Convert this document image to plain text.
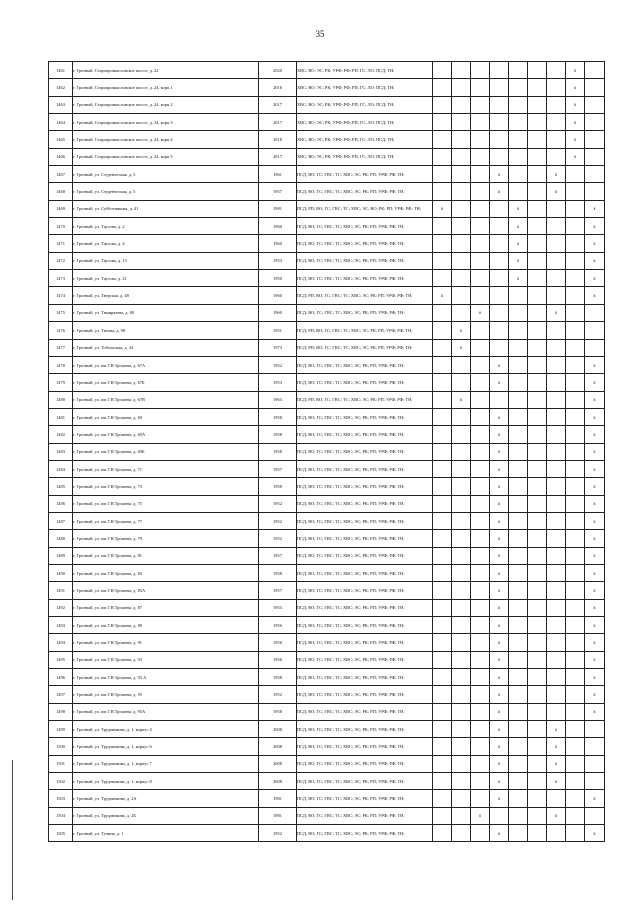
35
1461	г. Грозный, Старопромысловское шоссе, д. 22	2020	ХВС; ВО; ЭС; РК; УРФ; РФ; РП; ГС; ЛО; ПСД; ТН;								x	
1462	г. Грозный, Старопромысловское шоссе, д. 24, корп.1	2016	ХВС; ВО; ЭС; РК; УРФ; РФ; РП; ГС; ЛО; ПСД; ТН;								x	
1463	г. Грозный, Старопромысловское шоссе, д. 24, корп.2	2017	ХВС; ВО; ЭС; РК; УРФ; РФ; РП; ГС; ЛО; ПСД; ТН;								x	
1464	г. Грозный, Старопромысловское шоссе, д. 24, корп.3	2017	ХВС; ВО; ЭС; РК; УРФ; РФ; РП; ГС; ЛО; ПСД; ТН;								x	
1465	г. Грозный, Старопромысловское шоссе, д. 24, корп.4	2018	ХВС; ВО; ЭС; РК; УРФ; РФ; РП; ГС; ЛО; ПСД; ТН;								x	
1466	г. Грозный, Старопромысловское шоссе, д. 24, корп.5	2017	ХВС; ВО; ЭС; РК; УРФ; РФ; РП; ГС; ЛО; ПСД; ТН;								x	
1467	г. Грозный, ул. Студенческая, д. 3	1961	ПСД; ВО; ГС; ГВС; ТС; ХВС; ЭС; РК; РП; УРФ; РФ; ТН;				x			x		
1468	г. Грозный, ул. Студенческая, д. 5	1957	ПСД; ВО; ГС; ГВС; ТС; ХВС; ЭС; РК; РП; УРФ; РФ; ТН;				x			x		
1469	г. Грозный, ул. Субботникова, д. 41	1981	ПСД; РП; ВО; ГС; ГВС; ТС; ХВС; ЭС; ВО; РК; РП; УРФ; РФ; ТН;	x				x				x
1470	г. Грозный, ул. Таусова, д. 2	1960	ПСД; ВО; ГС; ГВС; ТС; ХВС; ЭС; РК; РП; УРФ; РФ; ТН;					x				x
1471	г. Грозный, ул. Таусова, д. 4	1960	ПСД; ВО; ГС; ГВС; ТС; ХВС; ЭС; РК; РП; УРФ; РФ; ТН;					x				x
1472	г. Грозный, ул. Таусова, д. 13	1953	ПСД; ВО; ГС; ГВС; ТС; ХВС; ЭС; РК; РП; УРФ; РФ; ТН;					x				x
1473	г. Грозный, ул. Таусова, д. 21	1950	ПСД; ВО; ГС; ГВС; ТС; ХВС; ЭС; РК; РП; УРФ; РФ; ТН;					x				x
1474	г. Грозный, ул. Тверская, д. 48	1960	ПСД; РП; ВО; ГС; ГВС; ТС; ХВС; ЭС; РК; РП; УРФ; РФ; ТН;	x								x
1475	г. Грозный, ул. Тимирязева, д. 80	1960	ПСД; ВО; ГС; ГВС; ТС; ХВС; ЭС; РК; РП; УРФ; РФ; ТН;			x				x		
1476	г. Грозный, ул. Титова, д. 98	1951	ПСД; РП; ВО; ГС; ГВС; ТС; ХВС; ЭС; РК; РП; УРФ; РФ; ТН;		x							
1477	г. Грозный, ул. Тобольская, д. 34	1973	ПСД; РП; ВО; ГС; ГВС; ТС; ХВС; ЭС; РК; РП; УРФ; РФ; ТН;		x							
1478	г. Грозный, ул. им Г.Н.Трошева, д. 67А	1952	ПСД; ВО; ГС; ГВС; ТС; ХВС; ЭС; РК; РП; УРФ; РФ; ТН;				x					x
1479	г. Грозный, ул. им Г.Н.Трошева, д. 67Б	1953	ПСД; ВО; ГС; ГВС; ТС; ХВС; ЭС; РК; РП; УРФ; РФ; ТН;				x					x
1480	г. Грозный, ул. им Г.Н.Трошева, д. 67В	1963	ПСД; РП; ВО; ГС; ГВС; ТС; ХВС; ЭС; РК; РП; УРФ; РФ; ТН;		x							x
1481	г. Грозный, ул. им Г.Н.Трошева, д. 69	1958	ПСД; ВО; ГС; ГВС; ТС; ХВС; ЭС; РК; РП; УРФ; РФ; ТН;				x					x
1482	г. Грозный, ул. им Г.Н.Трошева, д. 69А	1958	ПСД; ВО; ГС; ГВС; ТС; ХВС; ЭС; РК; РП; УРФ; РФ; ТН;				x					x
1483	г. Грозный, ул. им Г.Н.Трошева, д. 69Б	1958	ПСД; ВО; ГС; ГВС; ТС; ХВС; ЭС; РК; РП; УРФ; РФ; ТН;				x					x
1484	г. Грозный, ул. им Г.Н.Трошева, д. 71	1957	ПСД; ВО; ГС; ГВС; ТС; ХВС; ЭС; РК; РП; УРФ; РФ; ТН;				x					x
1485	г. Грозный, ул. им Г.Н.Трошева, д. 73	1958	ПСД; ВО; ГС; ГВС; ТС; ХВС; ЭС; РК; РП; УРФ; РФ; ТН;				x					x
1486	г. Грозный, ул. им Г.Н.Трошева, д. 75	1952	ПСД; ВО; ГС; ГВС; ТС; ХВС; ЭС; РК; РП; УРФ; РФ; ТН;				x					x
1487	г. Грозный, ул. им Г.Н.Трошева, д. 77	1952	ПСД; ВО; ГС; ГВС; ТС; ХВС; ЭС; РК; РП; УРФ; РФ; ТН;				x					x
1488	г. Грозный, ул. им Г.Н.Трошева, д. 79	1952	ПСД; ВО; ГС; ГВС; ТС; ХВС; ЭС; РК; РП; УРФ; РФ; ТН;				x					x
1489	г. Грозный, ул. им Г.Н.Трошева, д. 81	1957	ПСД; ВО; ГС; ГВС; ТС; ХВС; ЭС; РК; РП; УРФ; РФ; ТН;				x					x
1490	г. Грозный, ул. им Г.Н.Трошева, д. 83	1958	ПСД; ВО; ГС; ГВС; ТС; ХВС; ЭС; РК; РП; УРФ; РФ; ТН;				x					x
1491	г. Грозный, ул. им Г.Н.Трошева, д. 85А	1957	ПСД; ВО; ГС; ГВС; ТС; ХВС; ЭС; РК; РП; УРФ; РФ; ТН;				x					x
1492	г. Грозный, ул. им Г.Н.Трошева, д. 87	1953	ПСД; ВО; ГС; ГВС; ТС; ХВС; ЭС; РК; РП; УРФ; РФ; ТН;				x					x
1493	г. Грозный, ул. им Г.Н.Трошева, д. 89	1956	ПСД; ВО; ГС; ГВС; ТС; ХВС; ЭС; РК; РП; УРФ; РФ; ТН;				x					x
1494	г. Грозный, ул. им Г.Н.Трошева, д. 91	1956	ПСД; ВО; ГС; ГВС; ТС; ХВС; ЭС; РК; РП; УРФ; РФ; ТН;				x					x
1495	г. Грозный, ул. им Г.Н.Трошева, д. 93	1956	ПСД; ВО; ГС; ГВС; ТС; ХВС; ЭС; РК; РП; УРФ; РФ; ТН;				x					x
1496	г. Грозный, ул. им Г.Н.Трошева, д. 93 А	1958	ПСД; ВО; ГС; ГВС; ТС; ХВС; ЭС; РК; РП; УРФ; РФ; ТН;				x					x
1497	г. Грозный, ул. им Г.Н.Трошева, д. 95	1952	ПСД; ВО; ГС; ГВС; ТС; ХВС; ЭС; РК; РП; УРФ; РФ; ТН;				x					x
1498	г. Грозный, ул. им Г.Н.Трошева, д. 95А	1958	ПСД; ВО; ГС; ГВС; ТС; ХВС; ЭС; РК; РП; УРФ; РФ; ТН;				x					x
1499	г. Грозный, ул. Трудовикова, д. 1, корпус 4	2008	ПСД; ВО; ГС; ГВС; ТС; ХВС; ЭС; РК; РП; УРФ; РФ; ТН;				x			x		
1500	г. Грозный, ул. Трудовикова, д. 1, корпус 6	2008	ПСД; ВО; ГС; ГВС; ТС; ХВС; ЭС; РК; РП; УРФ; РФ; ТН;				x			x		
1501	г. Грозный, ул. Трудовикова, д. 1, корпус 7	2008	ПСД; ВО; ГС; ГВС; ТС; ХВС; ЭС; РК; РП; УРФ; РФ; ТН;				x			x		
1502	г. Грозный, ул. Трудовикова, д. 1, корпус 8	2008	ПСД; ВО; ГС; ГВС; ТС; ХВС; ЭС; РК; РП; УРФ; РФ; ТН;				x			x		
1503	г. Грозный, ул. Трудовикова, д. 2А	1981	ПСД; ВО; ГС; ГВС; ТС; ХВС; ЭС; РК; РП; УРФ; РФ; ТН;				x					x
1504	г. Грозный, ул. Трудовикова, д. 2Б	1981	ПСД; ВО; ГС; ГВС; ТС; ХВС; ЭС; РК; РП; УРФ; РФ; ТН;			x				x		
1505	г. Грозный, ул. Тучина, д. 1	1952	ПСД; ВО; ГС; ГВС; ТС; ХВС; ЭС; РК; РП; УРФ; РФ; ТН;				x					x
